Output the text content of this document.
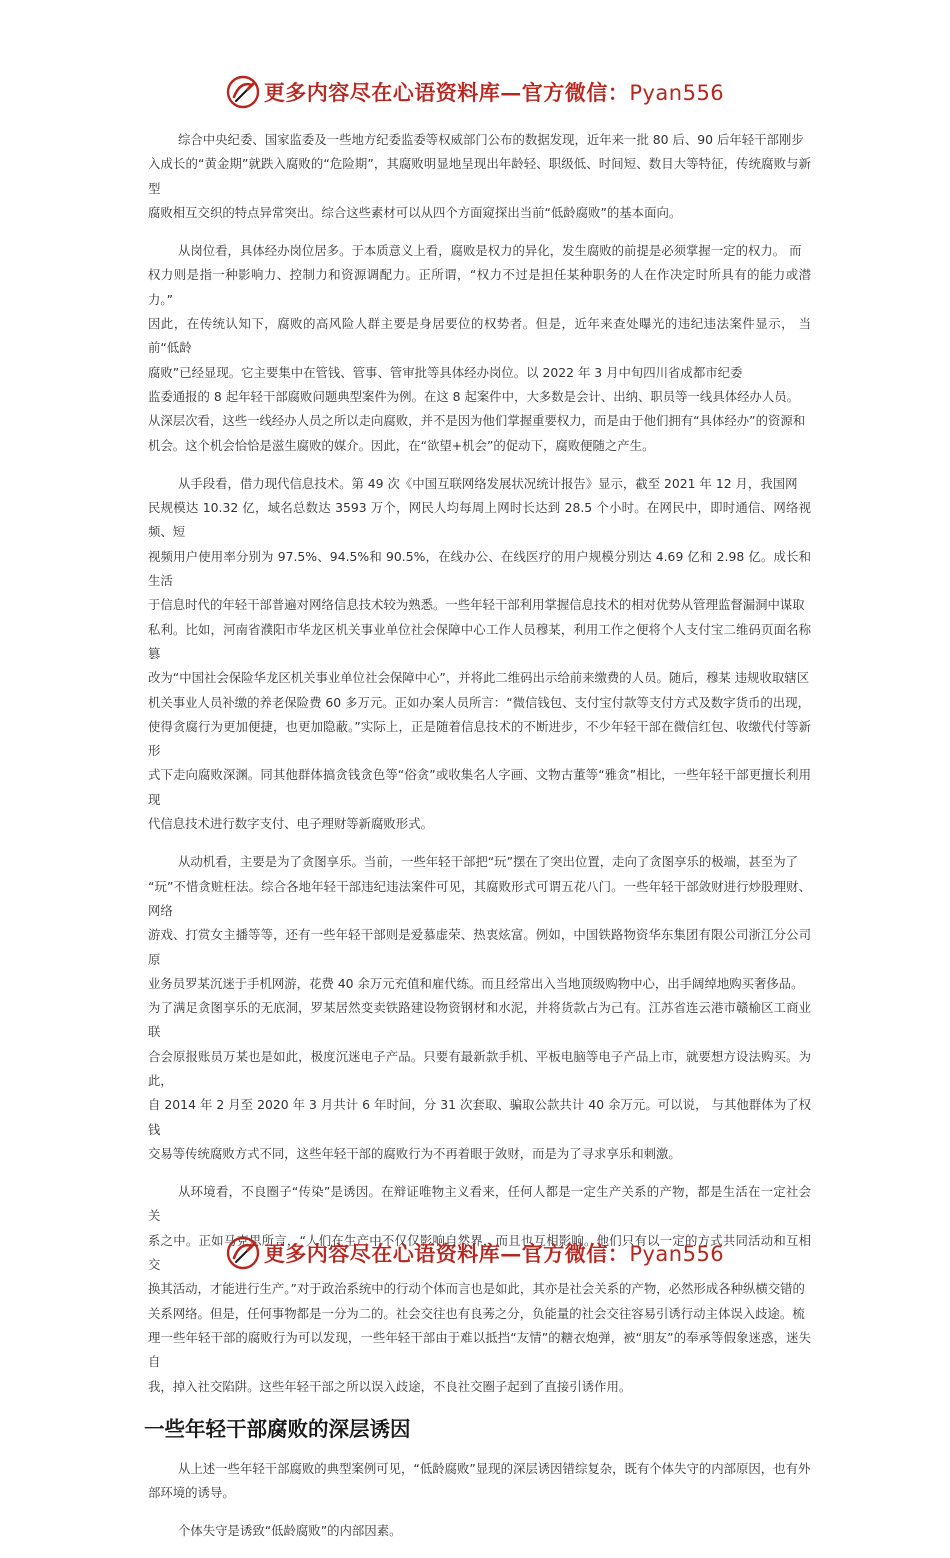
更多内容尽在心语资料库—官方微信：Pyan556

综合中央纪委、国家监委及一些地方纪委监委等权威部门公布的数据发现，近年来一批 80 后、90 后年轻干部刚步
入成长的“黄金期”就跌入腐败的“危险期”，其腐败明显地呈现出年龄轻、职级低、时间短、数目大等特征，传统腐败与新型
腐败相互交织的特点异常突出。综合这些素材可以从四个方面窥探出当前“低龄腐败”的基本面向。

从岗位看，具体经办岗位居多。于本质意义上看，腐败是权力的异化，发生腐败的前提是必须掌握一定的权力。 而
权力则是指一种影响力、控制力和资源调配力。正所谓，“权力不过是担任某种职务的人在作决定时所具有的能力或潜力。”
因此，在传统认知下，腐败的高风险人群主要是身居要位的权势者。但是，近年来查处曝光的违纪违法案件显示， 当前“低龄
腐败”已经显现。它主要集中在管钱、管事、管审批等具体经办岗位。以 2022 年 3 月中旬四川省成都市纪委
监委通报的 8 起年轻干部腐败问题典型案件为例。在这 8 起案件中，大多数是会计、出纳、职员等一线具体经办人员。
从深层次看，这些一线经办人员之所以走向腐败，并不是因为他们掌握重要权力，而是由于他们拥有“具体经办”的资源和
机会。这个机会恰恰是滋生腐败的媒介。因此，在“欲望+机会”的促动下，腐败便随之产生。

从手段看，借力现代信息技术。第 49 次《中国互联网络发展状况统计报告》显示，截至 2021 年 12 月，我国网
民规模达 10.32 亿，域名总数达 3593 万个，网民人均每周上网时长达到 28.5 个小时。在网民中，即时通信、网络视频、短
视频用户使用率分别为 97.5%、94.5%和 90.5%，在线办公、在线医疗的用户规模分别达 4.69 亿和 2.98 亿。成长和生活
于信息时代的年轻干部普遍对网络信息技术较为熟悉。一些年轻干部利用掌握信息技术的相对优势从管理监督漏洞中谋取
私利。比如，河南省濮阳市华龙区机关事业单位社会保障中心工作人员穆某，利用工作之便将个人支付宝二维码页面名称篡
改为“中国社会保险华龙区机关事业单位社会保障中心”，并将此二维码出示给前来缴费的人员。随后，穆某 违规收取辖区
机关事业人员补缴的养老保险费 60 多万元。正如办案人员所言：“微信钱包、支付宝付款等支付方式及数字货币的出现，
使得贪腐行为更加便捷，也更加隐蔽。”实际上，正是随着信息技术的不断进步，不少年轻干部在微信红包、收缴代付等新形
式下走向腐败深渊。同其他群体搞贪钱贪色等“俗贪”或收集名人字画、文物古董等“雅贪”相比，一些年轻干部更擅长利用现
代信息技术进行数字支付、电子理财等新腐败形式。

从动机看，主要是为了贪图享乐。当前，一些年轻干部把“玩”摆在了突出位置，走向了贪图享乐的极端，甚至为了
“玩”不惜贪赃枉法。综合各地年轻干部违纪违法案件可见，其腐败形式可谓五花八门。一些年轻干部敛财进行炒股理财、网络
游戏、打赏女主播等等，还有一些年轻干部则是爱慕虚荣、热衷炫富。例如，中国铁路物资华东集团有限公司浙江分公司原
业务员罗某沉迷于手机网游，花费 40 余万元充值和雇代练。而且经常出入当地顶级购物中心，出手阔绰地购买奢侈品。
为了满足贪图享乐的无底洞，罗某居然变卖铁路建设物资钢材和水泥，并将货款占为己有。江苏省连云港市赣榆区工商业联
合会原报账员万某也是如此，极度沉迷电子产品。只要有最新款手机、平板电脑等电子产品上市，就要想方设法购买。为此，
自 2014 年 2 月至 2020 年 3 月共计 6 年时间，分 31 次套取、骗取公款共计 40 余万元。可以说， 与其他群体为了权钱
交易等传统腐败方式不同，这些年轻干部的腐败行为不再着眼于敛财，而是为了寻求享乐和刺激。

从环境看，不良圈子“传染”是诱因。在辩证唯物主义看来，任何人都是一定生产关系的产物，都是生活在一定社会 关
系之中。正如马克思所言，“人们在生产中不仅仅影响自然界，而且也互相影响。他们只有以一定的方式共同活动和互相交
换其活动，才能进行生产。”对于政治系统中的行动个体而言也是如此，其亦是社会关系的产物，必然形成各种纵横交错的
关系网络。但是，任何事物都是一分为二的。社会交往也有良莠之分，负能量的社会交往容易引诱行动主体误入歧途。梳
理一些年轻干部的腐败行为可以发现，一些年轻干部由于难以抵挡“友情”的糖衣炮弹，被“朋友”的奉承等假象迷惑，迷失自
我，掉入社交陷阱。这些年轻干部之所以误入歧途，不良社交圈子起到了直接引诱作用。

一些年轻干部腐败的深层诱因

从上述一些年轻干部腐败的典型案例可见，“低龄腐败”显现的深层诱因错综复杂，既有个体失守的内部原因，也有外
部环境的诱导。

个体失守是诱致“低龄腐败”的内部因素。

更多内容尽在心语资料库—官方微信：Pyan556
